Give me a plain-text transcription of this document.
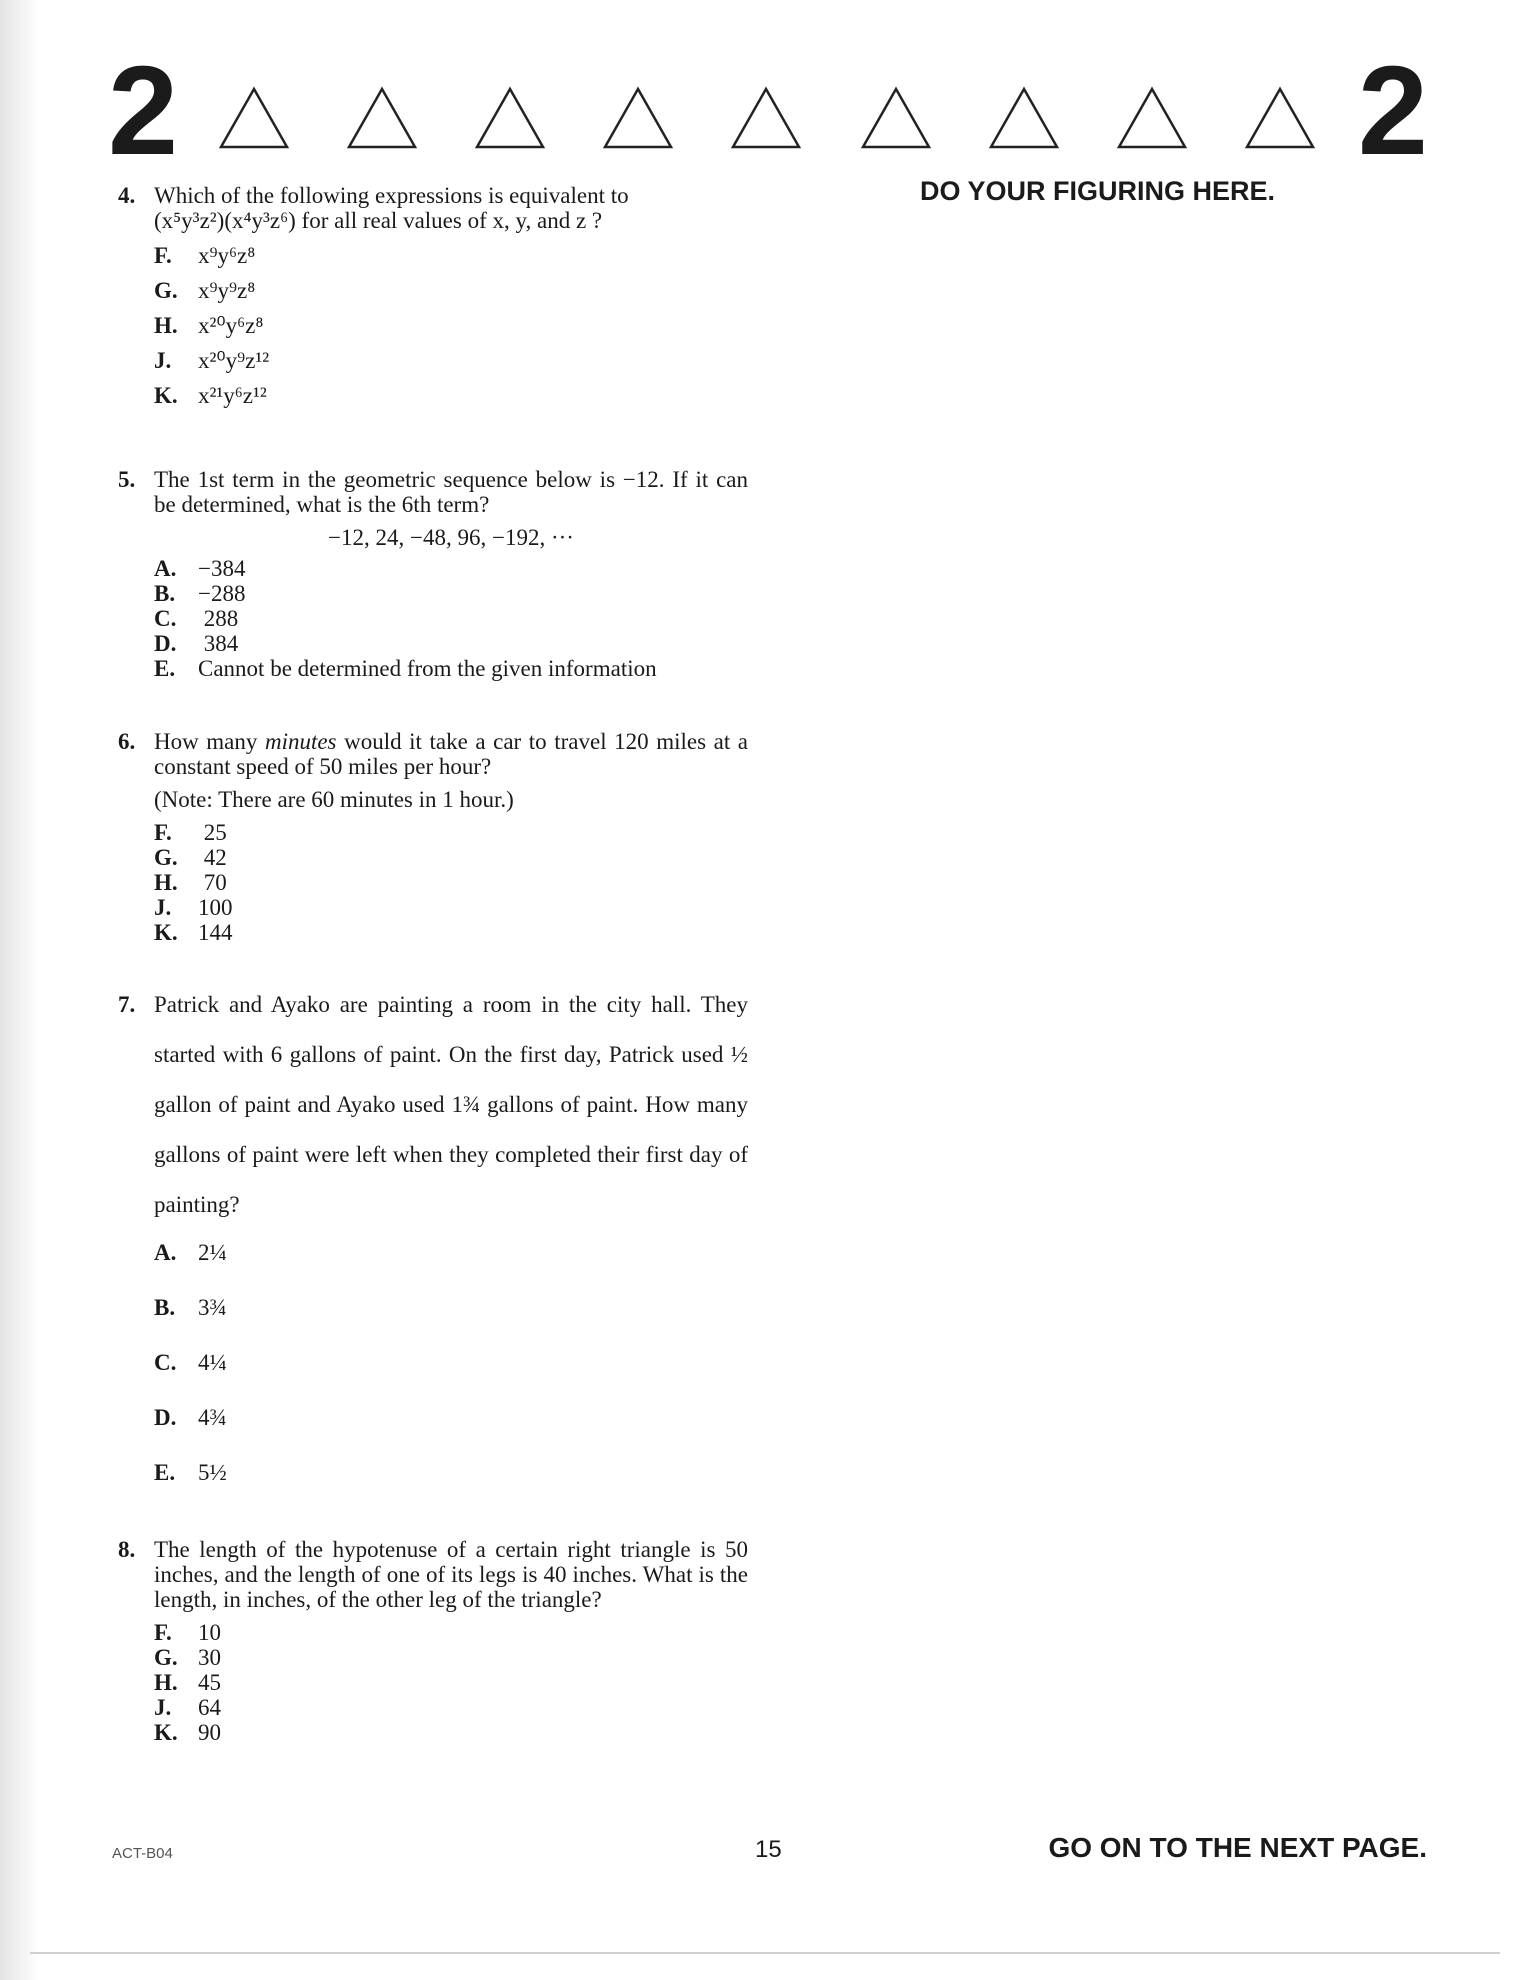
2	2
DO YOUR FIGURING HERE.
4. Which of the following expressions is equivalent to
(x⁵y³z²)(x⁴y³z⁶) for all real values of x, y, and z ?
F.	x⁹y⁶z⁸
G. x⁹y⁹z⁸
H. x²⁰y⁶z⁸
J.	x²⁰y⁹z¹²
K. x²¹y⁶z¹²
5. The 1st term in the geometric sequence below is −12. If it can be determined, what is the 6th term?
−12, 24, −48, 96, −192, ···
A. −384
B. −288
C. 288
D. 384
E. Cannot be determined from the given information
6. How many minutes would it take a car to travel 120 miles at a constant speed of 50 miles per hour?
(Note: There are 60 minutes in 1 hour.)
F.	25
G. 42
H. 70
J.	100
K. 144
7. Patrick and Ayako are painting a room in the city hall. They started with 6 gallons of paint. On the first day, Patrick used ½ gallon of paint and Ayako used 1¾ gallons of paint. How many gallons of paint were left when they completed their first day of painting?
A. 2¼
B. 3¾
C. 4¼
D. 4¾
E. 5½
8. The length of the hypotenuse of a certain right triangle is 50 inches, and the length of one of its legs is 40 inches. What is the length, in inches, of the other leg of the triangle?
F.	10
G. 30
H. 45
J.	64
K. 90
ACT-B04	15	GO ON TO THE NEXT PAGE.
